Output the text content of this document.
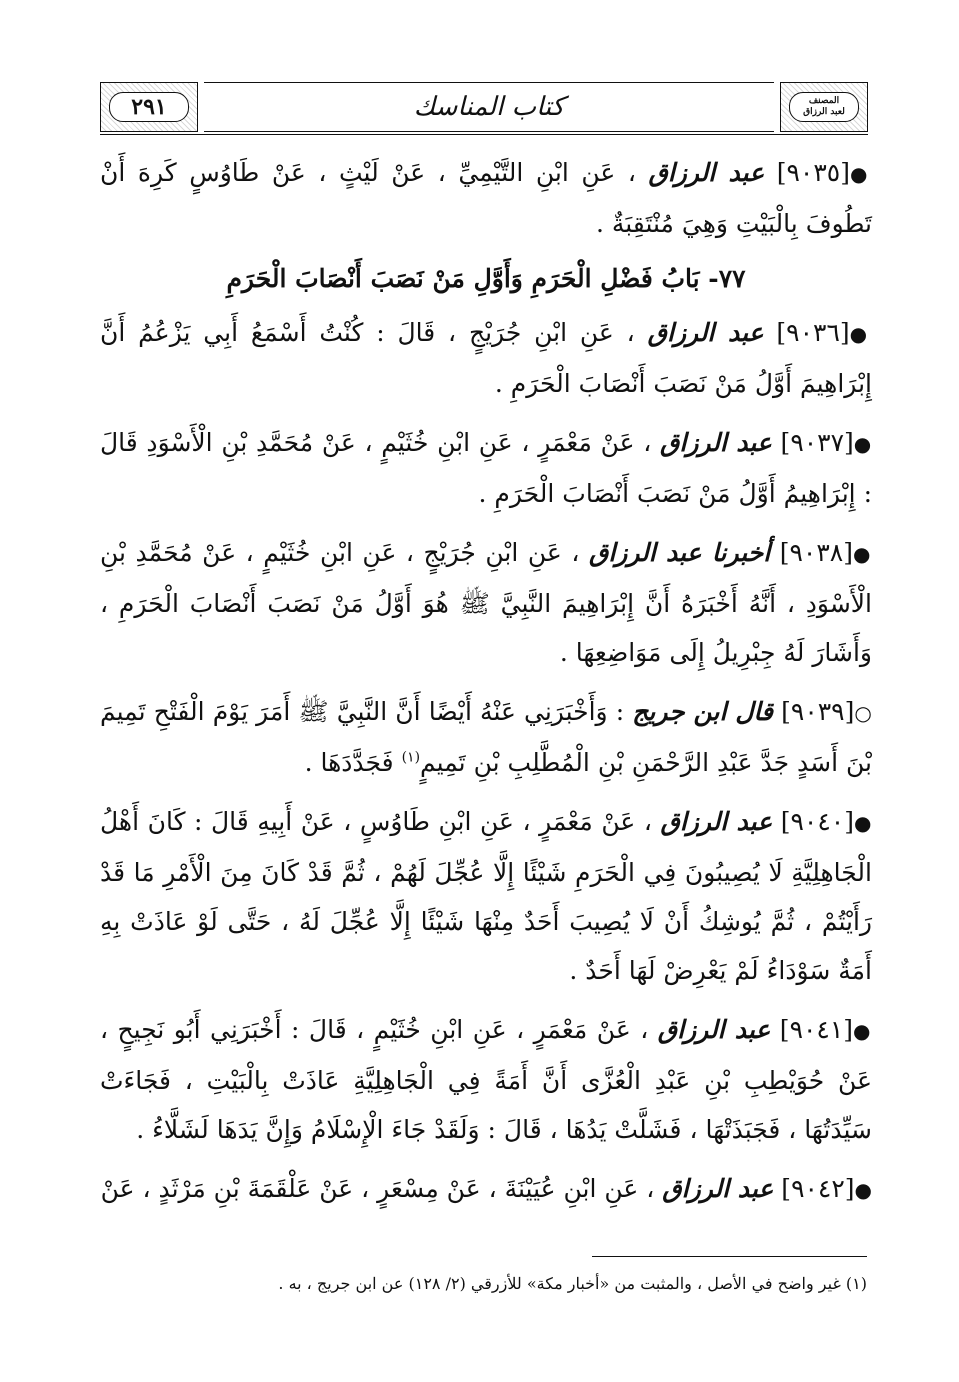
٢٩١	كتاب المناسك	المصنف
لعبد الرزاق

●[٩٠٣٥] عبد الرزاق ، عَنِ ابْنِ التَّيْمِيِّ ، عَنْ لَيْثٍ ، عَنْ طَاوُسٍ كَرِهَ أَنْ تَطُوفَ بِالْبَيْتِ وَهِيَ مُنْتَقِبَةٌ .

٧٧- بَابُ فَضْلِ الْحَرَمِ وَأَوَّلِ مَنْ نَصَبَ أَنْصَابَ الْحَرَمِ

●[٩٠٣٦] عبد الرزاق ، عَنِ ابْنِ جُرَيْجٍ ، قَالَ : كُنْتُ أَسْمَعُ أَبِي يَزْعُمُ أَنَّ إِبْرَاهِيمَ أَوَّلُ مَنْ نَصَبَ أَنْصَابَ الْحَرَمِ .

●[٩٠٣٧] عبد الرزاق ، عَنْ مَعْمَرٍ ، عَنِ ابْنِ خُثَيْمٍ ، عَنْ مُحَمَّدِ بْنِ الْأَسْوَدِ قَالَ : إِبْرَاهِيمُ أَوَّلُ مَنْ نَصَبَ أَنْصَابَ الْحَرَمِ .

●[٩٠٣٨] أخبرنا عبد الرزاق ، عَنِ ابْنِ جُرَيْجٍ ، عَنِ ابْنِ خُثَيْمٍ ، عَنْ مُحَمَّدِ بْنِ الْأَسْوَدِ ، أَنَّهُ أَخْبَرَهُ أَنَّ إِبْرَاهِيمَ النَّبِيَّ ﷺ هُوَ أَوَّلُ مَنْ نَصَبَ أَنْصَابَ الْحَرَمِ ، وَأَشَارَ لَهُ جِبْرِيلُ إِلَى مَوَاضِعِهَا .

○[٩٠٣٩] قال ابن جريج : وَأَخْبَرَنِي عَنْهُ أَيْضًا أَنَّ النَّبِيَّ ﷺ أَمَرَ يَوْمَ الْفَتْحِ تَمِيمَ بْنَ أَسَدٍ جَدَّ عَبْدِ الرَّحْمَنِ بْنِ الْمُطَّلِبِ بْنِ تَمِيمٍ$^{(١)}$ فَجَدَّدَهَا .

●[٩٠٤٠] عبد الرزاق ، عَنْ مَعْمَرٍ ، عَنِ ابْنِ طَاوُسٍ ، عَنْ أَبِيهِ قَالَ : كَانَ أَهْلُ الْجَاهِلِيَّةِ لَا يُصِيبُونَ فِي الْحَرَمِ شَيْئًا إِلَّا عُجِّلَ لَهُمْ ، ثُمَّ قَدْ كَانَ مِنَ الْأَمْرِ مَا قَدْ رَأَيْتُمْ ، ثُمَّ يُوشِكُ أَنْ لَا يُصِيبَ أَحَدٌ مِنْهَا شَيْئًا إِلَّا عُجِّلَ لَهُ ، حَتَّى لَوْ عَاذَتْ بِهِ أَمَةٌ سَوْدَاءُ لَمْ يَعْرِضْ لَهَا أَحَدٌ .

●[٩٠٤١] عبد الرزاق ، عَنْ مَعْمَرٍ ، عَنِ ابْنِ خُثَيْمٍ ، قَالَ : أَخْبَرَنِي أَبُو نَجِيحٍ ، عَنْ حُوَيْطِبِ بْنِ عَبْدِ الْعُزَّى أَنَّ أَمَةً فِي الْجَاهِلِيَّةِ عَاذَتْ بِالْبَيْتِ ، فَجَاءَتْ سَيِّدَتُهَا ، فَجَبَذَتْهَا ، فَشَلَّتْ يَدُهَا ، قَالَ : وَلَقَدْ جَاءَ الْإِسْلَامُ وَإِنَّ يَدَهَا لَشَلَّاءُ .

●[٩٠٤٢] عبد الرزاق ، عَنِ ابْنِ عُيَيْنَةَ ، عَنْ مِسْعَرٍ ، عَنْ عَلْقَمَةَ بْنِ مَرْثَدٍ ، عَنْ

(١) غير واضح في الأصل ، والمثبت من «أخبار مكة» للأزرقي (٢/ ١٢٨) عن ابن جريج ، به .
